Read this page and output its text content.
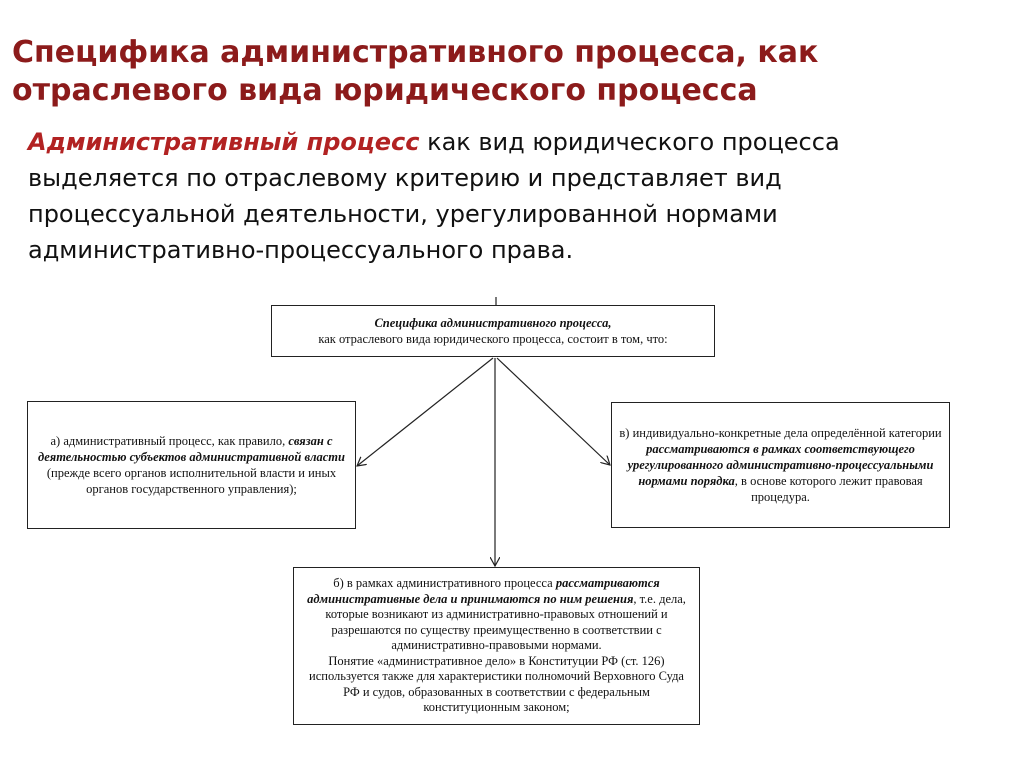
Специфика административного процесса, как
отраслевого вида юридического процесса

Административный процесс как вид юридического процесса выделяется по отраслевому критерию и представляет вид процессуальной деятельности, урегулированной нормами административно-процессуального права.

Специфика административного процесса,
как отраслевого вида юридического процесса, состоит в том, что:
а) административный процесс, как правило, связан с деятельностью субъектов административной власти (прежде всего органов исполнительной власти и иных органов государственного управления);
в) индивидуально-конкретные дела определённой категории рассматриваются в рамках соответствующего урегулированного административно-процессуальными нормами порядка, в основе которого лежит правовая процедура.
б) в рамках административного процесса рассматриваются административные дела и принимаются по ним решения, т.е. дела, которые возникают из административно-правовых отношений и разрешаются по существу преимущественно в соответствии с административно-правовыми нормами.
Понятие «административное дело» в Конституции РФ (ст. 126) используется также для характеристики полномочий Верховного Суда РФ и судов, образованных в соответствии с федеральным конституционным законом;
